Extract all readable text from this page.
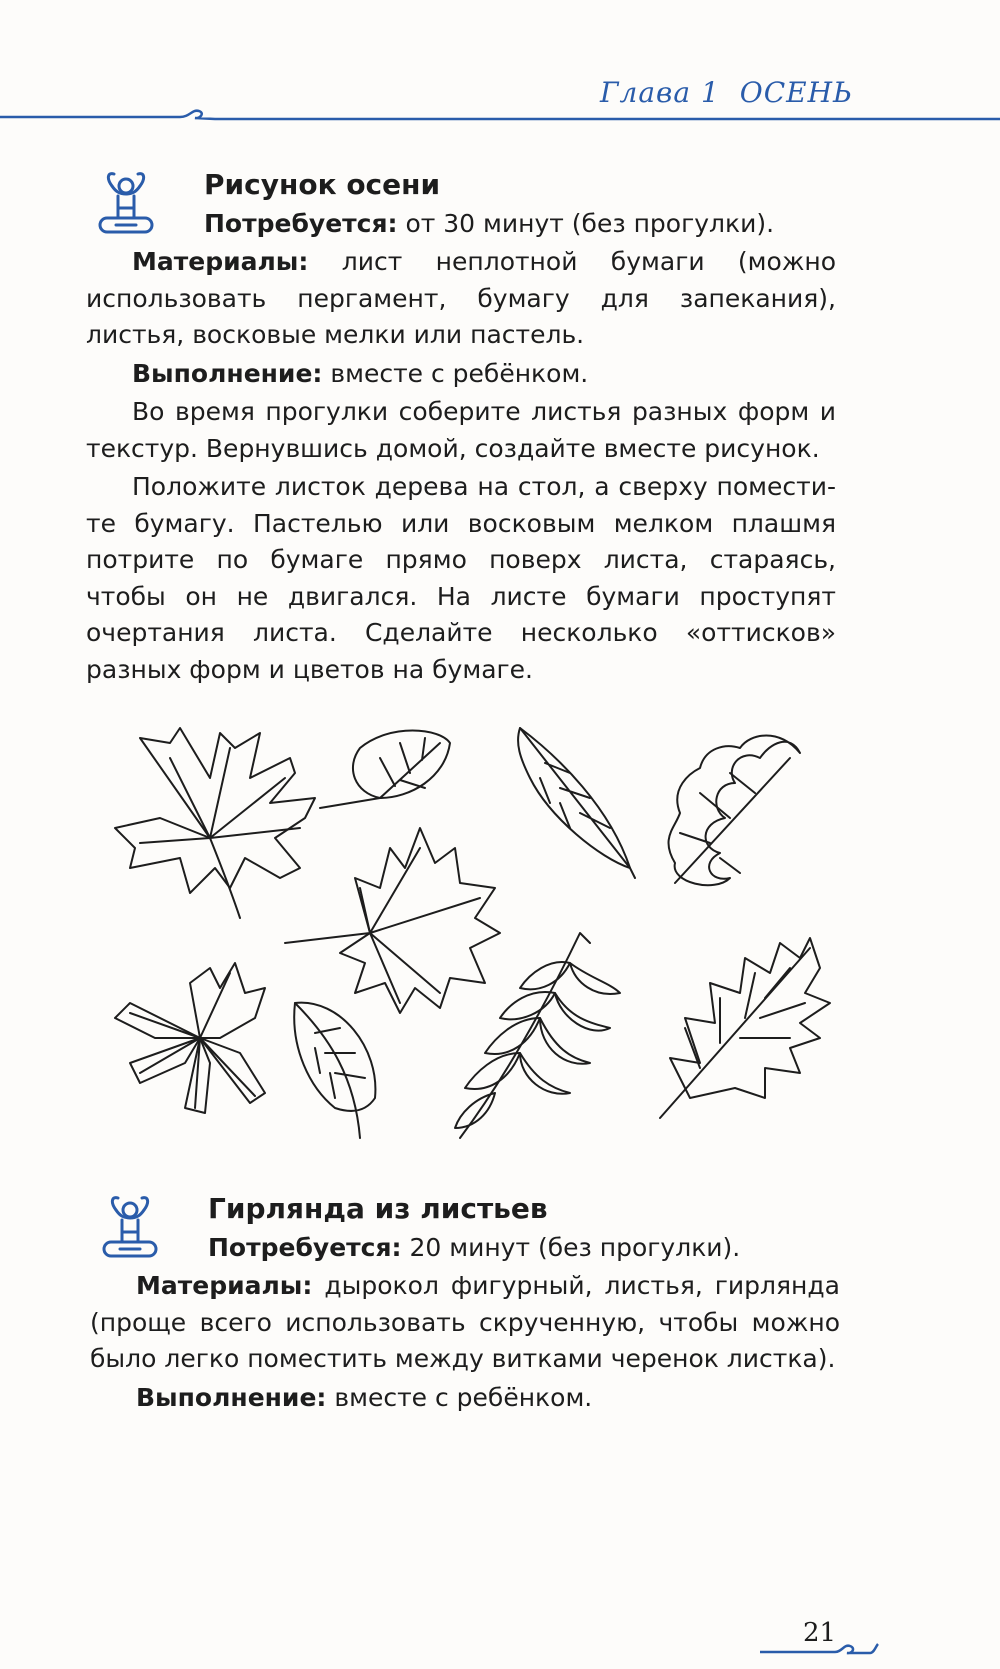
Глава 1 ОСЕНЬ
Рисунок осени
Потребуется: от 30 минут (без прогулки).

Материалы: лист неплотной бумаги (можно использовать пергамент, бумагу для запекания), листья, восковые мелки или пастель.

Выполнение: вместе с ребёнком.

Во время прогулки соберите листья разных форм и текстур. Вернувшись домой, создайте вместе рисунок.

Положите листок дерева на стол, а сверху поместите бумагу. Пастелью или восковым мелком плашмя потрите по бумаге прямо поверх листа, стараясь, чтобы он не двигался. На листе бумаги проступят очертания листа. Сделайте несколько «оттисков» разных форм и цветов на бумаге.

Гирлянда из листьев
Потребуется: 20 минут (без прогулки).

Материалы: дырокол фигурный, листья, гирлянда (проще всего использовать скрученную, чтобы можно было легко поместить между витками черенок листка).

Выполнение: вместе с ребёнком.

21
